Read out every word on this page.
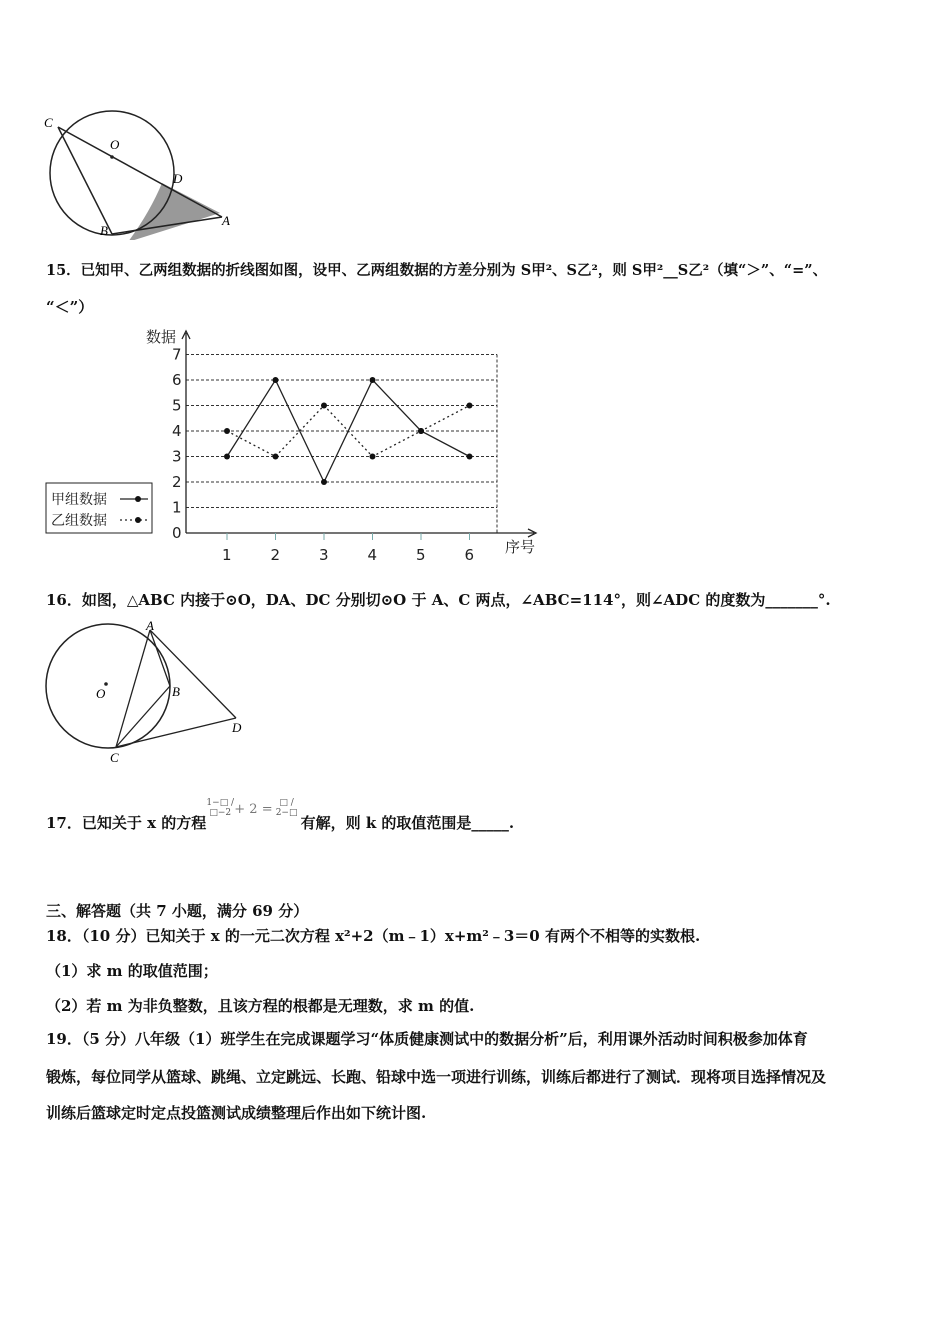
C
O
D
B
A
15．已知甲、乙两组数据的折线图如图，设甲、乙两组数据的方差分别为 S甲²、S乙²，则 S甲²__S乙²（填“＞”、“=”、
“＜”）
0
1
2
3
4
5
6
7
1	2	3	4	5	6
数据
序号
甲组数据
乙组数据
16．如图，△ABC 内接于⊙O，DA、DC 分别切⊙O 于 A、C 两点，∠ABC=114°，则∠ADC 的度数为_______°.
A
O	B
D
C
17．已知关于 x 的方程1−□ / □−2 + 2 = □ / 2−□有解，则 k 的取值范围是_____.
三、解答题（共 7 小题，满分 69 分）
18．（10 分）已知关于 x 的一元二次方程 x²+2（m﹣1）x+m²﹣3＝0 有两个不相等的实数根.
（1）求 m 的取值范围；
（2）若 m 为非负整数，且该方程的根都是无理数，求 m 的值.
19．（5 分）八年级（1）班学生在完成课题学习“体质健康测试中的数据分析”后，利用课外活动时间积极参加体育
锻炼，每位同学从篮球、跳绳、立定跳远、长跑、铅球中选一项进行训练，训练后都进行了测试．现将项目选择情况及
训练后篮球定时定点投篮测试成绩整理后作出如下统计图.
